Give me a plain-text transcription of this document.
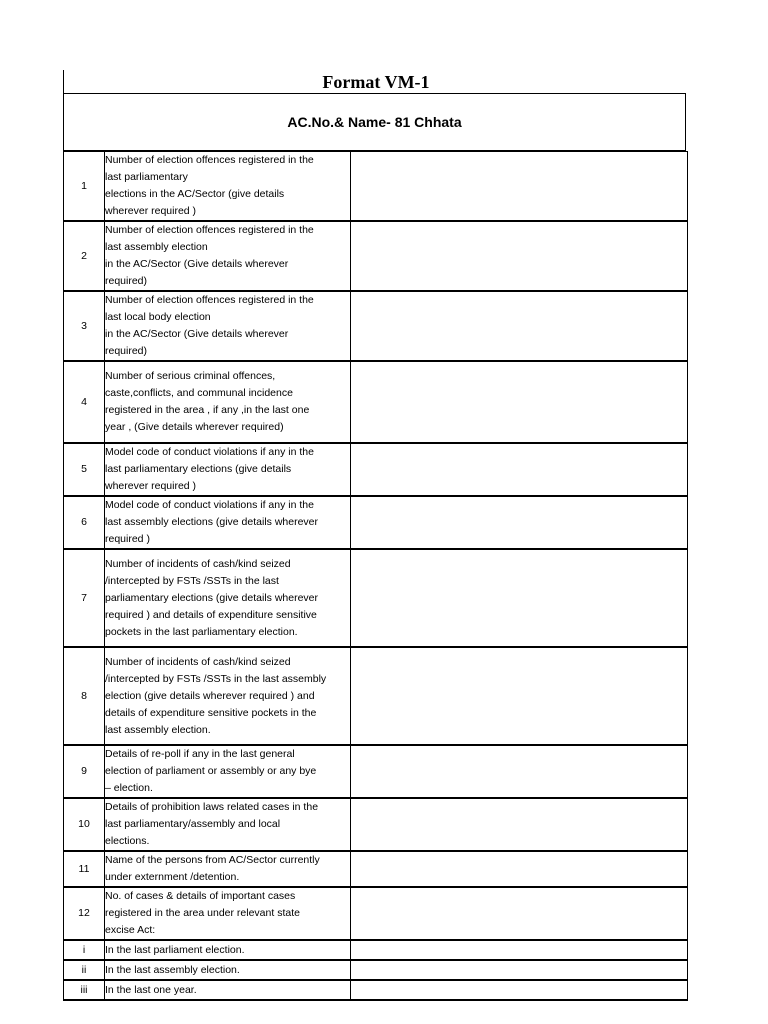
Format VM-1
AC.No.& Name- 81 Chhata
1	Number of election offences registered in the
last parliamentary
elections in the AC/Sector (give details
wherever required )	
2	Number of election offences registered in the
last assembly election
in the AC/Sector (Give details wherever
required)	
3	Number of election offences registered in the
last local body election
in the AC/Sector (Give details wherever
required)	
4	Number of serious criminal offences,
caste,conflicts, and communal incidence
registered in the area , if any ,in the last one
year , (Give details wherever required)	
5	Model code of conduct violations if any in the
last parliamentary elections (give details
wherever required )	
6	Model code of conduct violations if any in the
last assembly elections (give details wherever
required )	
7	Number of incidents of cash/kind seized
/intercepted by FSTs /SSTs in the last
parliamentary elections (give details wherever
required ) and details of expenditure sensitive
pockets in the last parliamentary election.	
8	Number of incidents of cash/kind seized
/intercepted by FSTs /SSTs in the last assembly
election (give details wherever required ) and
details of expenditure sensitive pockets in the
last assembly election.	
9	Details of re-poll if any in the last general
election of parliament or assembly or any bye
– election.	
10	Details of prohibition laws related cases in the
last parliamentary/assembly and local
elections.	
11	Name of the persons from AC/Sector currently
under externment /detention.	
12	No. of cases & details of important cases
registered in the area under relevant state
excise Act:	
i	In the last parliament election.	
ii	In the last assembly election.	
iii	In the last one year.	
